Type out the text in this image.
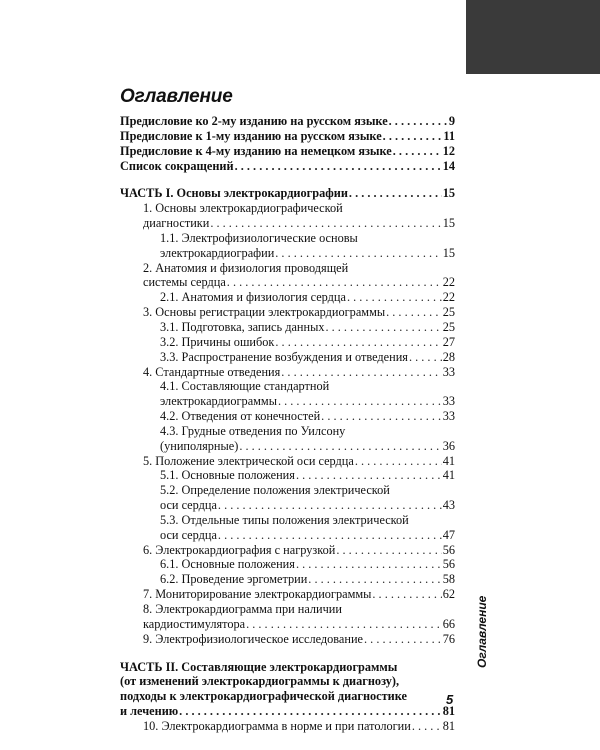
Оглавление
Предисловие ко 2-му изданию на русском языке . . .	9
Предисловие к 1-му изданию на русском языке . . .	11
Предисловие к 4-му изданию на немецком языке . . .	12
Список сокращений . . .	14
ЧАСТЬ I. Основы электрокардиографии . . .	15
1. Основы электрокардиографической
диагностики . . .	15
1.1. Электрофизиологические основы
электрокардиографии . . .	15
2. Анатомия и физиология проводящей
системы сердца . . .	22
2.1. Анатомия и физиология сердца . . .	22
3. Основы регистрации электрокардиограммы . . .	25
3.1. Подготовка, запись данных . . .	25
3.2. Причины ошибок . . .	27
3.3. Распространение возбуждения и отведения . . .	28
4. Стандартные отведения . . .	33
4.1. Составляющие стандартной
электрокардиограммы . . .	33
4.2. Отведения от конечностей . . .	33
4.3. Грудные отведения по Уилсону
(униполярные) . . .	36
5. Положение электрической оси сердца . . .	41
5.1. Основные положения . . .	41
5.2. Определение положения электрической
оси сердца . . .	43
5.3. Отдельные типы положения электрической
оси сердца . . .	47
6. Электрокардиография с нагрузкой . . .	56
6.1. Основные положения . . .	56
6.2. Проведение эргометрии . . .	58
7. Мониторирование электрокардиограммы . . .	62
8. Электрокардиограмма при наличии
кардиостимулятора . . .	66
9. Электрофизиологическое исследование . . .	76
ЧАСТЬ II. Составляющие электрокардиограммы
(от изменений электрокардиограммы к диагнозу),
подходы к электрокардиографической диагностике
и лечению . . .	81
10. Электрокардиограмма в норме и при патологии . . .	81
Оглавление
5
